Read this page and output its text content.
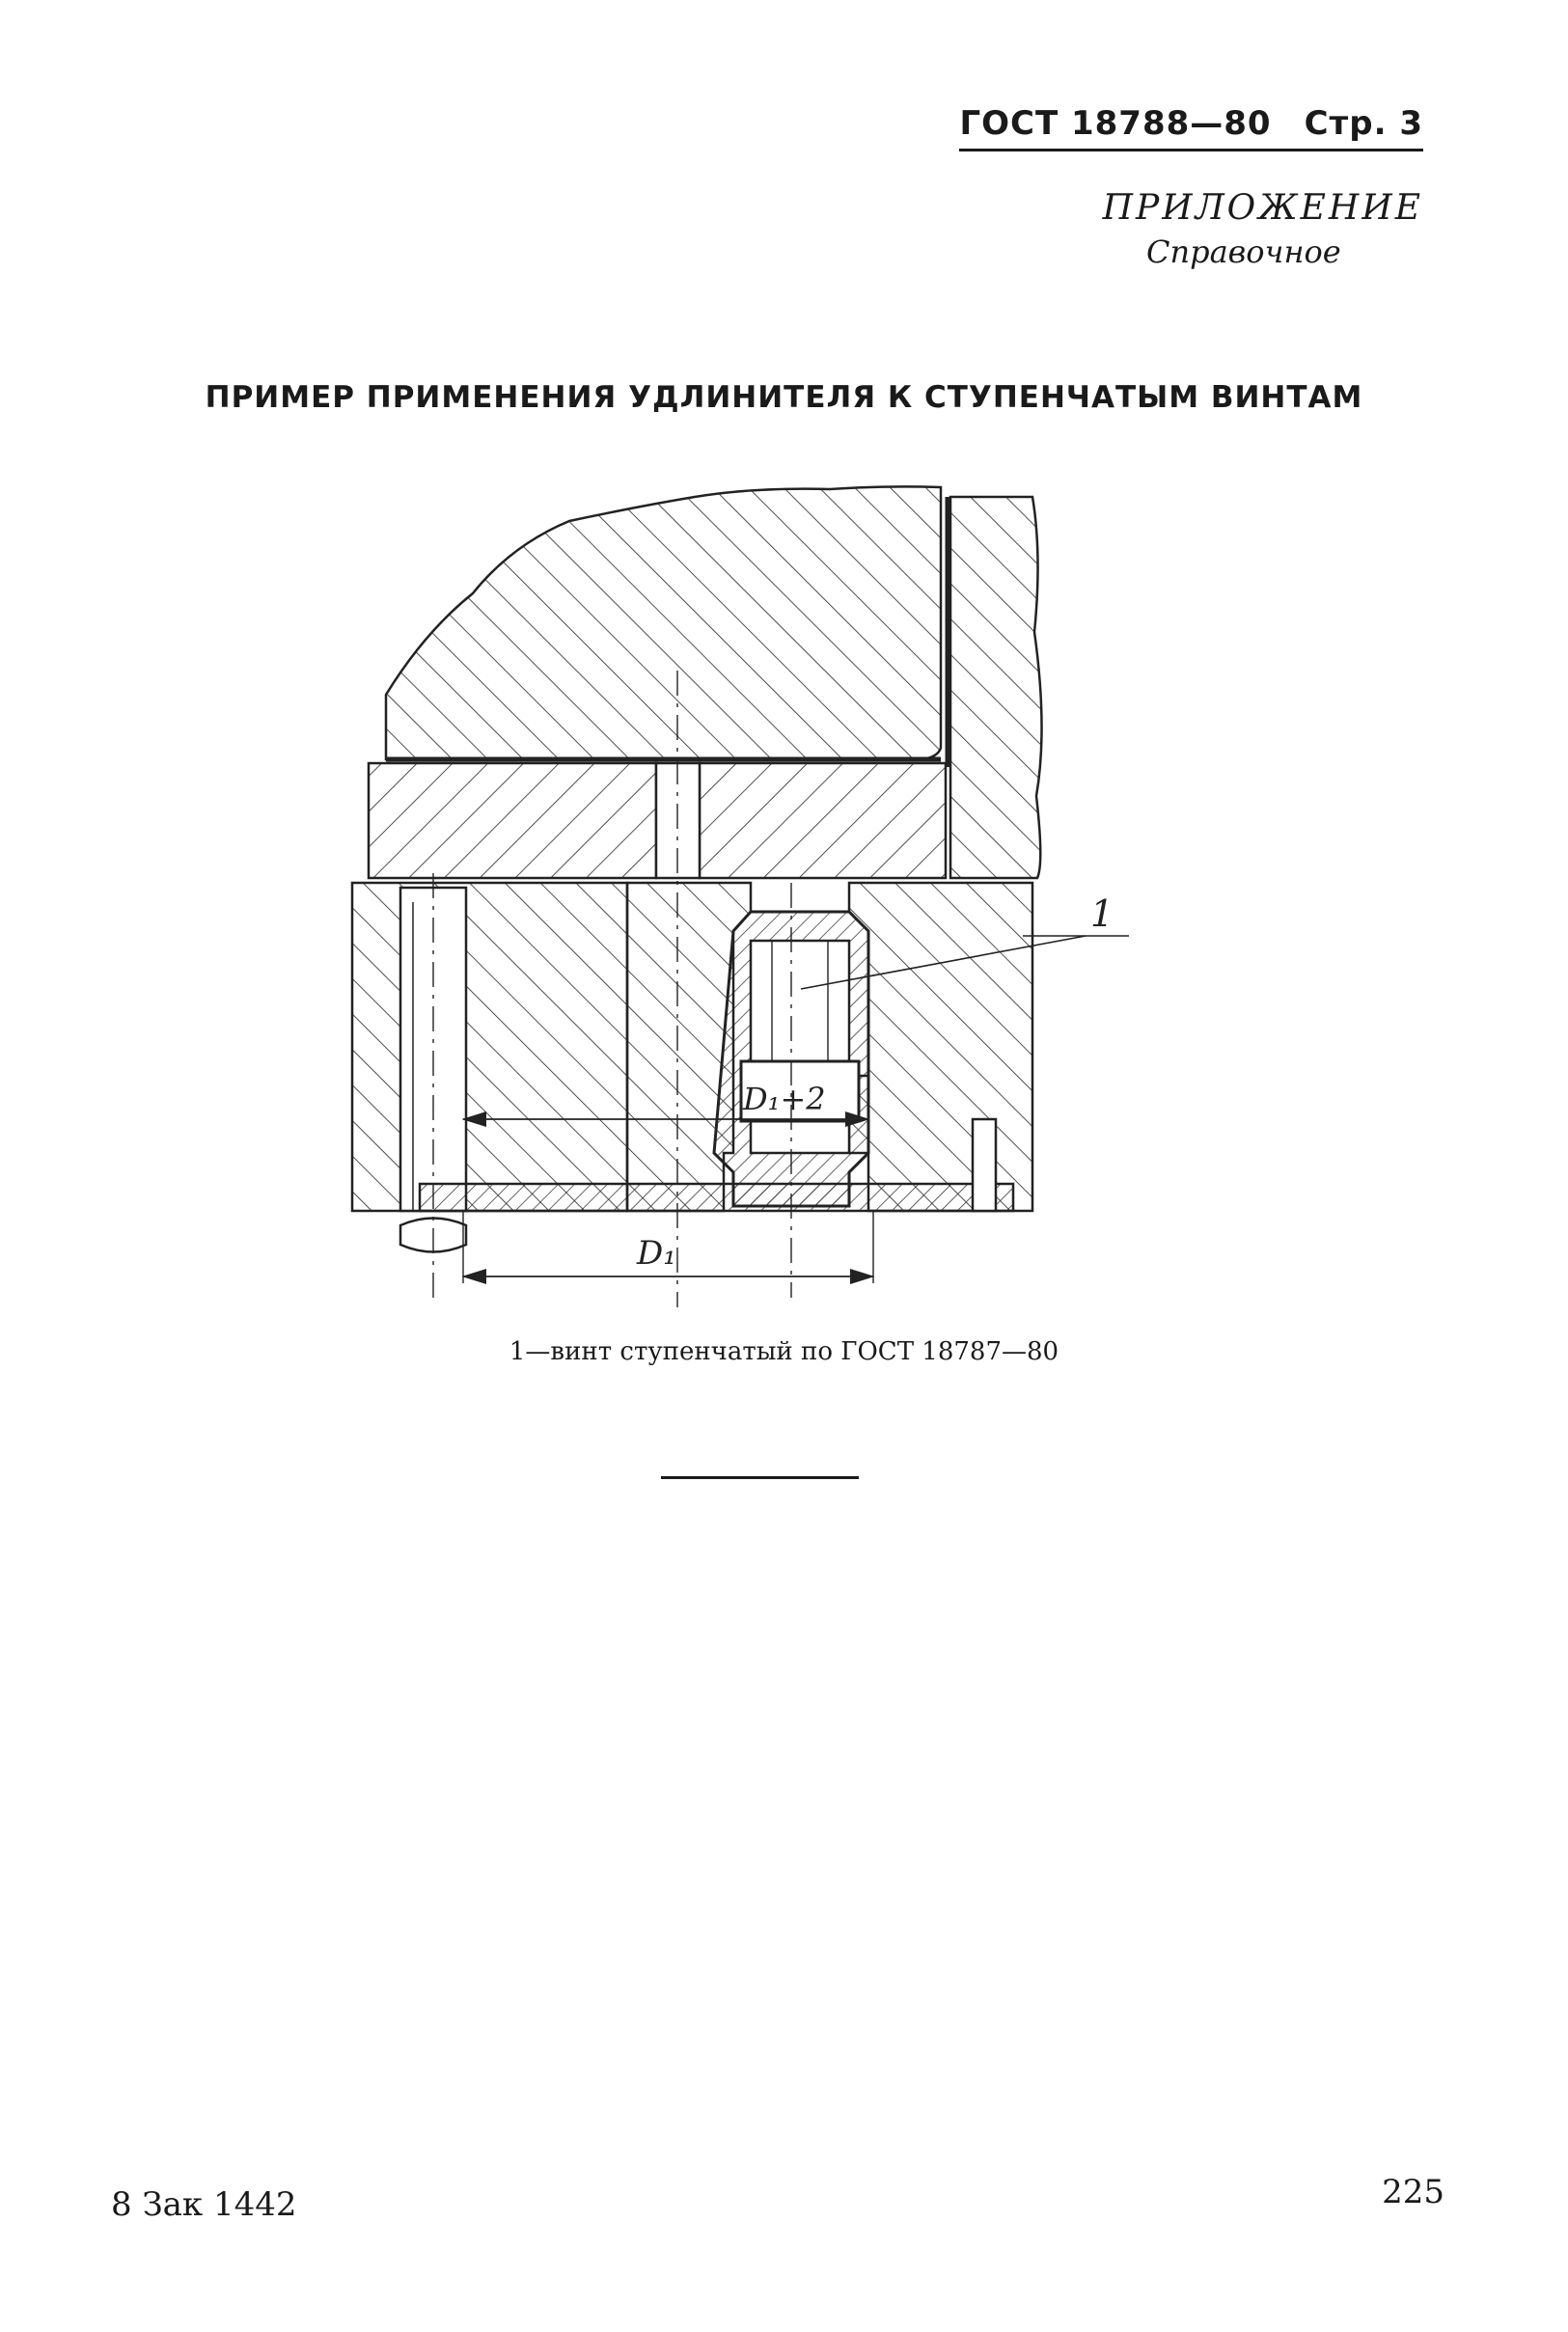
ГОСТ 18788—80 Стр. 3
ПРИЛОЖЕНИЕ
Справочное
ПРИМЕР ПРИМЕНЕНИЯ УДЛИНИТЕЛЯ К СТУПЕНЧАТЫМ ВИНТАМ
D₁+2
D₁
1
1—винт ступенчатый по ГОСТ 18787—80
8 Зак 1442	225
